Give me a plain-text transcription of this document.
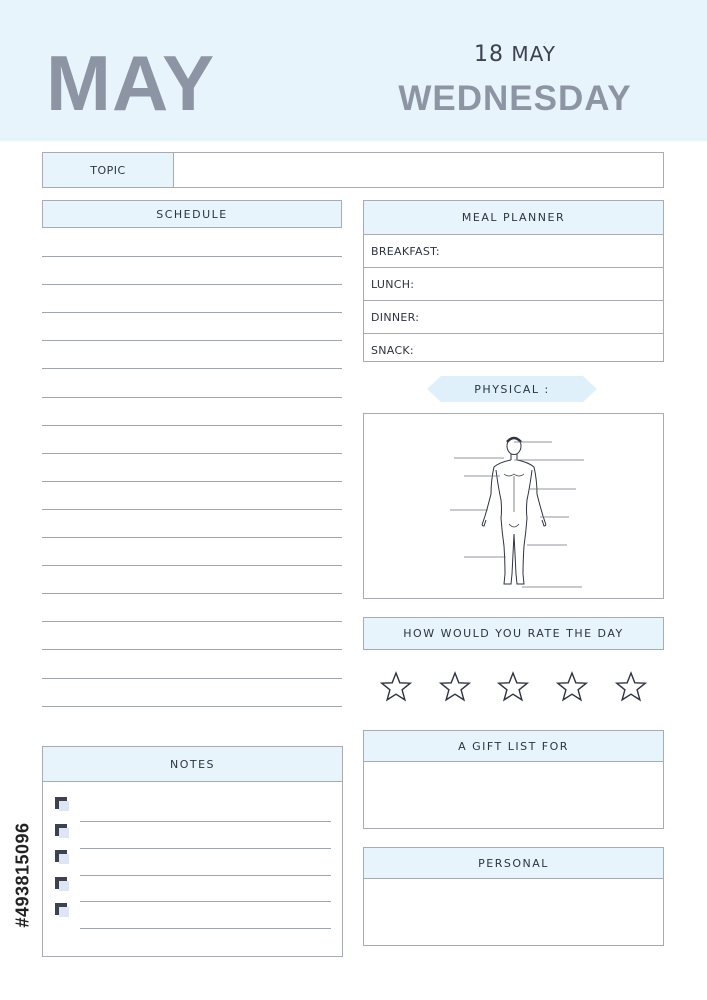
MAY	18 MAY
WEDNESDAY
TOPIC
SCHEDULE	MEAL PLANNER
BREAKFAST:
LUNCH:
DINNER:
SNACK:
PHYSICAL :
HOW WOULD YOU RATE THE DAY
A GIFT LIST FOR
PERSONAL
NOTES
#493815096
